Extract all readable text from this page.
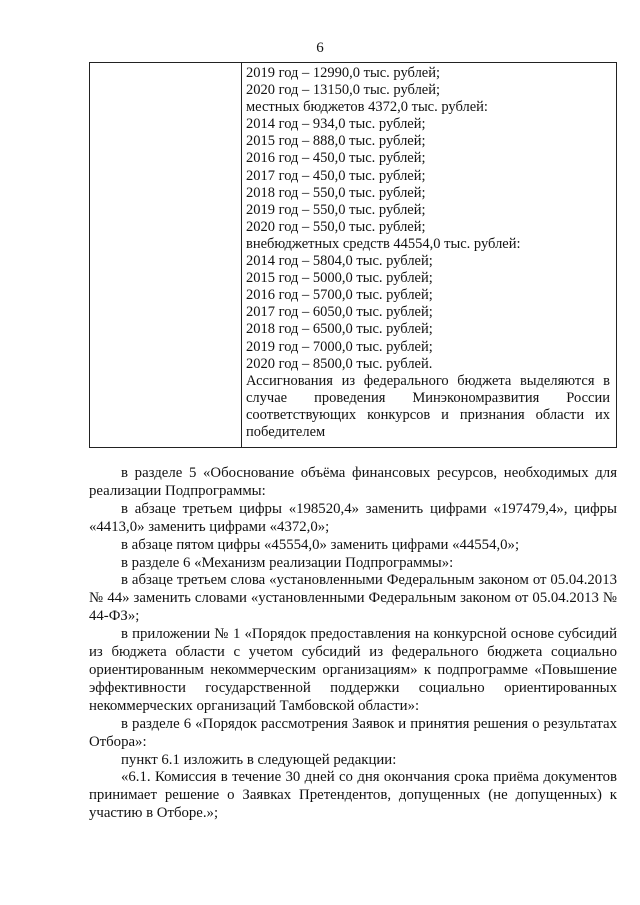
6
2019 год – 12990,0 тыс. рублей;
2020 год – 13150,0 тыс. рублей;
местных бюджетов 4372,0 тыс. рублей:
2014 год – 934,0 тыс. рублей;
2015 год – 888,0 тыс. рублей;
2016 год – 450,0 тыс. рублей;
2017 год – 450,0 тыс. рублей;
2018 год – 550,0 тыс. рублей;
2019 год – 550,0 тыс. рублей;
2020 год – 550,0 тыс. рублей;
внебюджетных средств 44554,0 тыс. рублей:
2014 год – 5804,0 тыс. рублей;
2015 год – 5000,0 тыс. рублей;
2016 год – 5700,0 тыс. рублей;
2017 год – 6050,0 тыс. рублей;
2018 год – 6500,0 тыс. рублей;
2019 год – 7000,0 тыс. рублей;
2020 год – 8500,0 тыс. рублей.
Ассигнования из федерального бюджета выделяются в случае проведения Минэкономразвития России соответствующих конкурсов и признания области их победителем

в разделе 5 «Обоснование объёма финансовых ресурсов, необходимых для реализации Подпрограммы:

в абзаце третьем цифры «198520,4» заменить цифрами «197479,4», цифры «4413,0» заменить цифрами «4372,0»;

в абзаце пятом цифры «45554,0» заменить цифрами «44554,0»;

в разделе 6 «Механизм реализации Подпрограммы»:

в абзаце третьем слова «установленными Федеральным законом от 05.04.2013 № 44» заменить словами «установленными Федеральным законом от 05.04.2013 № 44-ФЗ»;

в приложении № 1 «Порядок предоставления на конкурсной основе субсидий из бюджета области с учетом субсидий из федерального бюджета социально ориентированным некоммерческим организациям» к подпрограмме «Повышение эффективности государственной поддержки социально ориентированных некоммерческих организаций Тамбовской области»:

в разделе 6 «Порядок рассмотрения Заявок и принятия решения о результатах Отбора»:

пункт 6.1 изложить в следующей редакции:

«6.1. Комиссия в течение 30 дней со дня окончания срока приёма документов принимает решение о Заявках Претендентов, допущенных (не допущенных) к участию в Отборе.»;
